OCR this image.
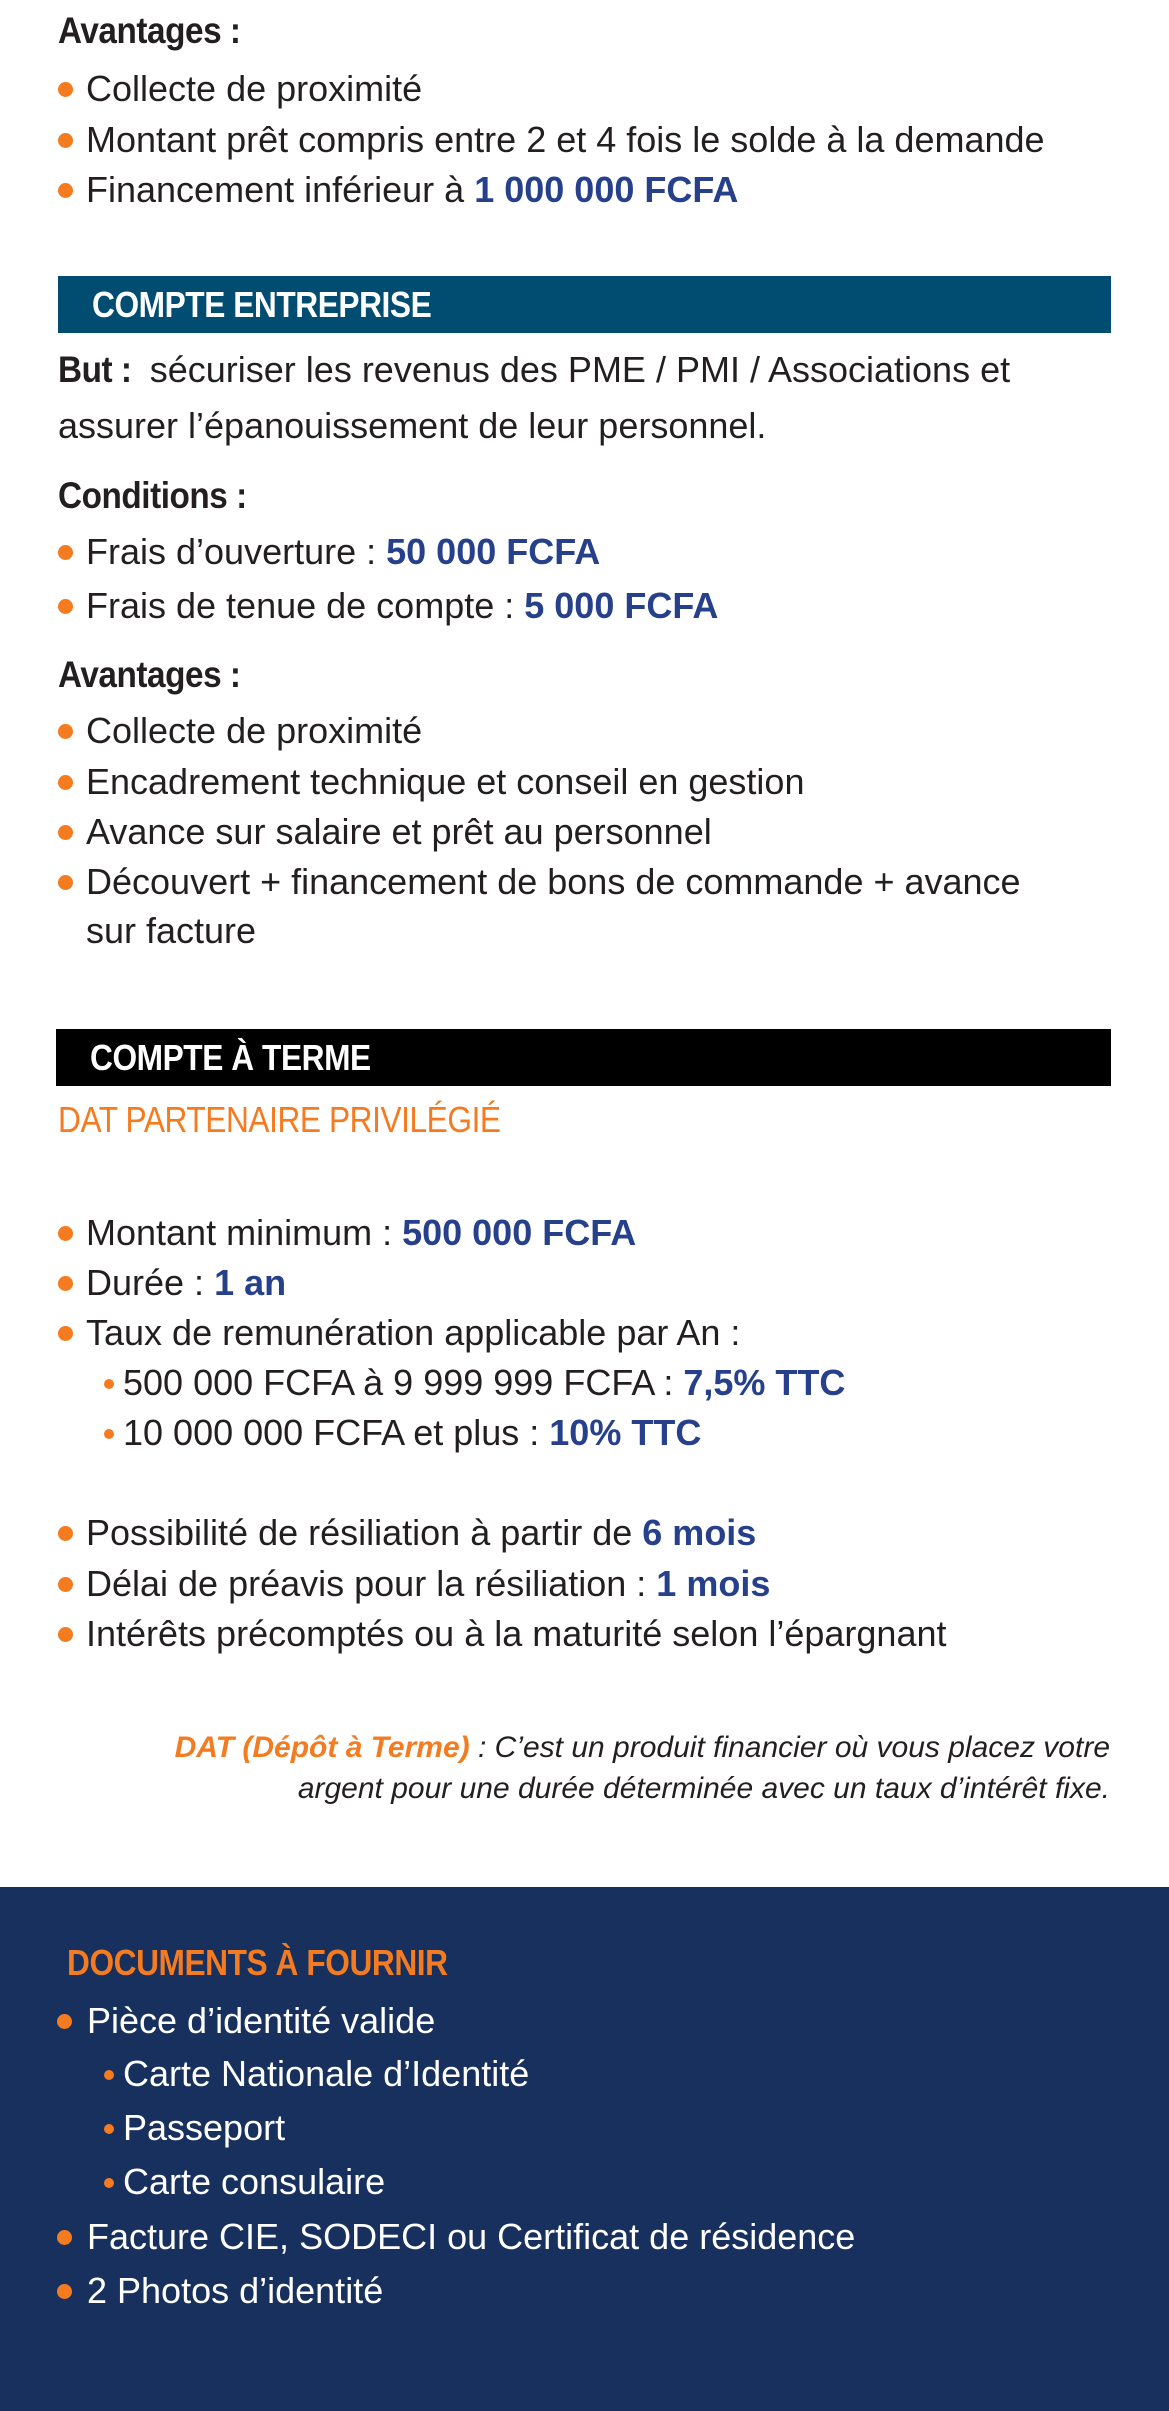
Avantages :
Collecte de proximité
Montant prêt compris entre 2 et 4 fois le solde à la demande
Financement inférieur à 1 000 000 FCFA
COMPTE ENTREPRISE
But : sécuriser les revenus des PME / PMI / Associations et
assurer l’épanouissement de leur personnel.
Conditions :
Frais d’ouverture : 50 000 FCFA
Frais de tenue de compte : 5 000 FCFA
Avantages :
Collecte de proximité
Encadrement technique et conseil en gestion
Avance sur salaire et prêt au personnel
Découvert + financement de bons de commande + avance
sur facture
COMPTE À TERME
DAT PARTENAIRE PRIVILÉGIÉ
Montant minimum : 500 000 FCFA
Durée : 1 an
Taux de remunération applicable par An :
500 000 FCFA à 9 999 999 FCFA : 7,5% TTC
10 000 000 FCFA et plus : 10% TTC
Possibilité de résiliation à partir de 6 mois
Délai de préavis pour la résiliation : 1 mois
Intérêts précomptés ou à la maturité selon l’épargnant
DAT (Dépôt à Terme) : C’est un produit financier où vous placez votre
argent pour une durée déterminée avec un taux d’intérêt fixe.
DOCUMENTS À FOURNIR
Pièce d’identité valide
Carte Nationale d’Identité
Passeport
Carte consulaire
Facture CIE, SODECI ou Certificat de résidence
2 Photos d’identité
